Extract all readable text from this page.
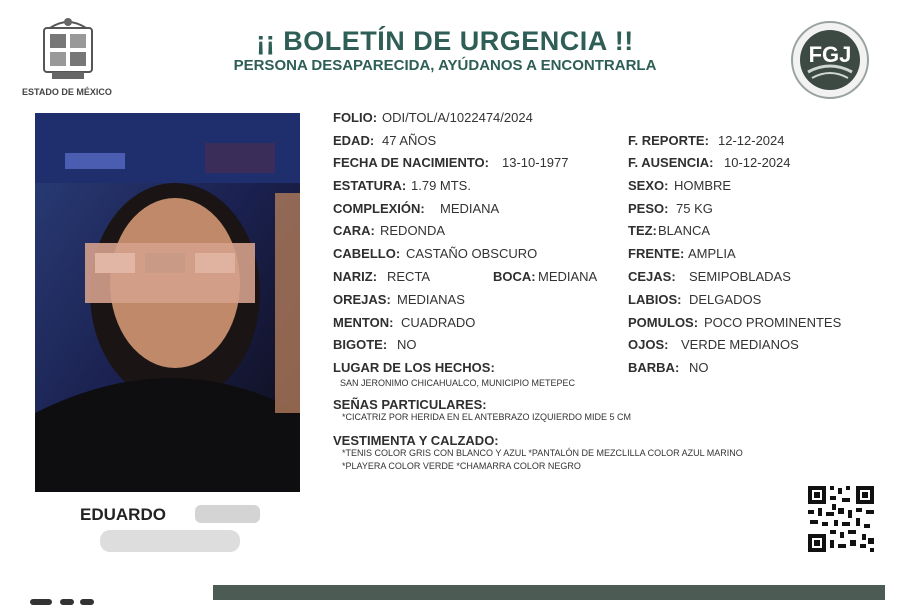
ESTADO DE MÉXICO
¡¡ BOLETÍN DE URGENCIA !!
PERSONA DESAPARECIDA, AYÚDANOS A ENCONTRARLA	FGJ
EDUARDO
FOLIO: ODI/TOL/A/1022474/2024
EDAD: 47 AÑOS
FECHA DE NACIMIENTO: 13-10-1977
ESTATURA: 1.79 MTS.
COMPLEXIÓN: MEDIANA
CARA: REDONDA
CABELLO: CASTAÑO OBSCURO
NARIZ: RECTA	BOCA: MEDIANA
OREJAS: MEDIANAS
MENTON: CUADRADO
BIGOTE: NO
F. REPORTE: 12-12-2024
F. AUSENCIA: 10-12-2024
SEXO: HOMBRE
PESO: 75 KG
TEZ: BLANCA
FRENTE: AMPLIA
CEJAS: SEMIPOBLADAS
LABIOS: DELGADOS
POMULOS: POCO PROMINENTES
OJOS: VERDE MEDIANOS
BARBA: NO
LUGAR DE LOS HECHOS:
SAN JERONIMO CHICAHUALCO, MUNICIPIO METEPEC
SEÑAS PARTICULARES:
*CICATRIZ POR HERIDA EN EL ANTEBRAZO IZQUIERDO MIDE 5 CM
VESTIMENTA Y CALZADO:
*TENIS COLOR GRIS CON BLANCO Y AZUL *PANTALÓN DE MEZCLILLA COLOR AZUL MARINO
*PLAYERA COLOR VERDE *CHAMARRA COLOR NEGRO
